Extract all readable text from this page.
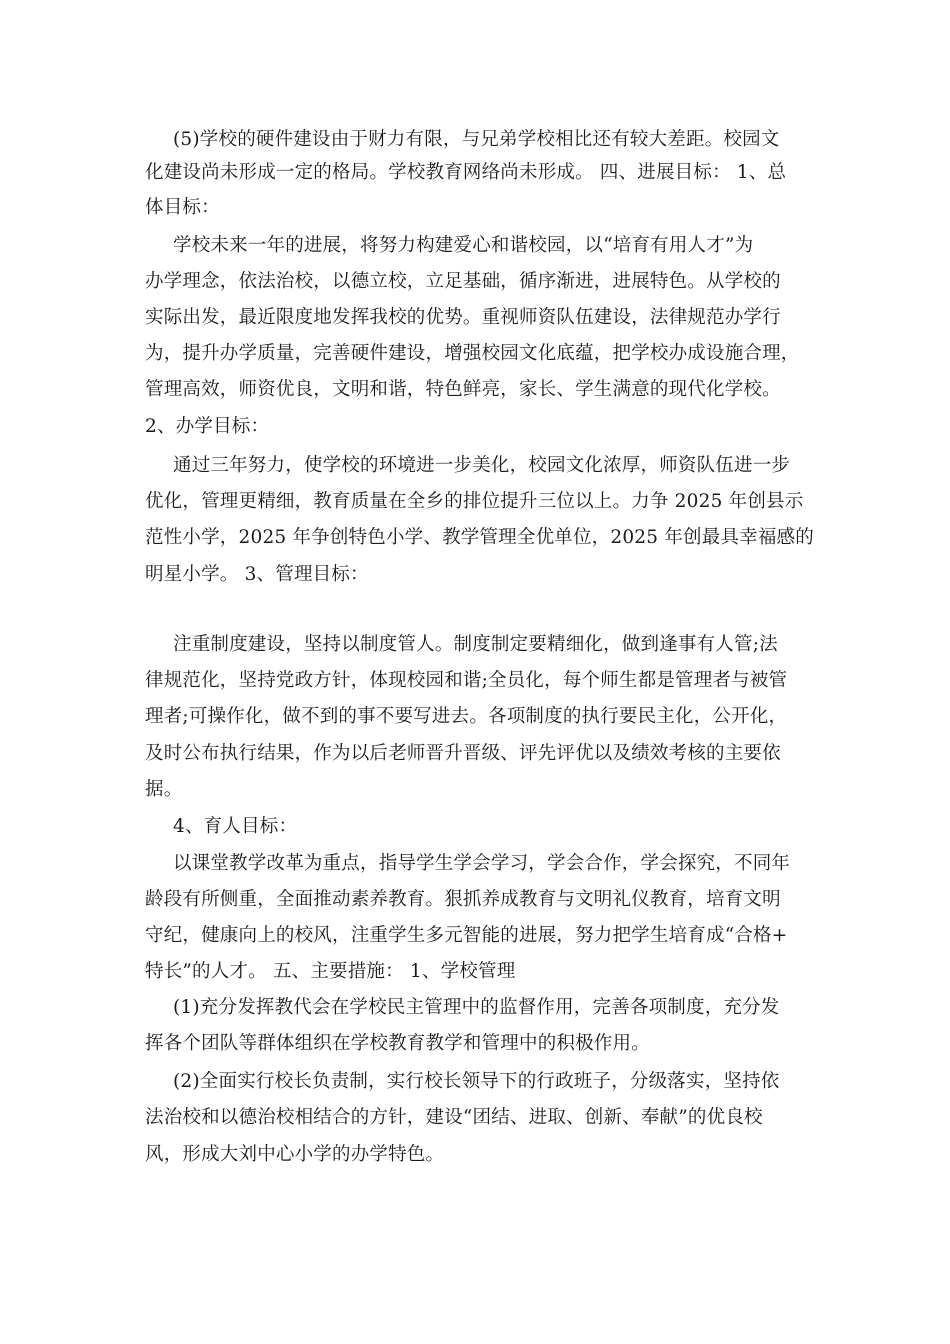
(5)学校的硬件建设由于财力有限，与兄弟学校相比还有较大差距。校园文
化建设尚未形成一定的格局。学校教育网络尚未形成。 四、进展目标： 1、总
体目标：
学校未来一年的进展，将努力构建爱心和谐校园，以“培育有用人才”为
办学理念，依法治校，以德立校，立足基础，循序渐进，进展特色。从学校的
实际出发，最近限度地发挥我校的优势。重视师资队伍建设，法律规范办学行
为，提升办学质量，完善硬件建设，增强校园文化底蕴，把学校办成设施合理，
管理高效，师资优良，文明和谐，特色鲜亮，家长、学生满意的现代化学校。
2、办学目标：
通过三年努力，使学校的环境进一步美化，校园文化浓厚，师资队伍进一步
优化，管理更精细，教育质量在全乡的排位提升三位以上。力争 2025 年创县示
范性小学，2025 年争创特色小学、教学管理全优单位，2025 年创最具幸福感的
明星小学。 3、管理目标：
注重制度建设，坚持以制度管人。制度制定要精细化，做到逢事有人管;法
律规范化，坚持党政方针，体现校园和谐;全员化，每个师生都是管理者与被管
理者;可操作化，做不到的事不要写进去。各项制度的执行要民主化，公开化，
及时公布执行结果，作为以后老师晋升晋级、评先评优以及绩效考核的主要依
据。
4、育人目标：
以课堂教学改革为重点，指导学生学会学习，学会合作，学会探究，不同年
龄段有所侧重，全面推动素养教育。狠抓养成教育与文明礼仪教育，培育文明
守纪，健康向上的校风，注重学生多元智能的进展，努力把学生培育成“合格+
特长”的人才。 五、主要措施： 1、学校管理
(1)充分发挥教代会在学校民主管理中的监督作用，完善各项制度，充分发
挥各个团队等群体组织在学校教育教学和管理中的积极作用。
(2)全面实行校长负责制，实行校长领导下的行政班子，分级落实，坚持依
法治校和以德治校相结合的方针，建设“团结、进取、创新、奉献”的优良校
风，形成大刘中心小学的办学特色。
